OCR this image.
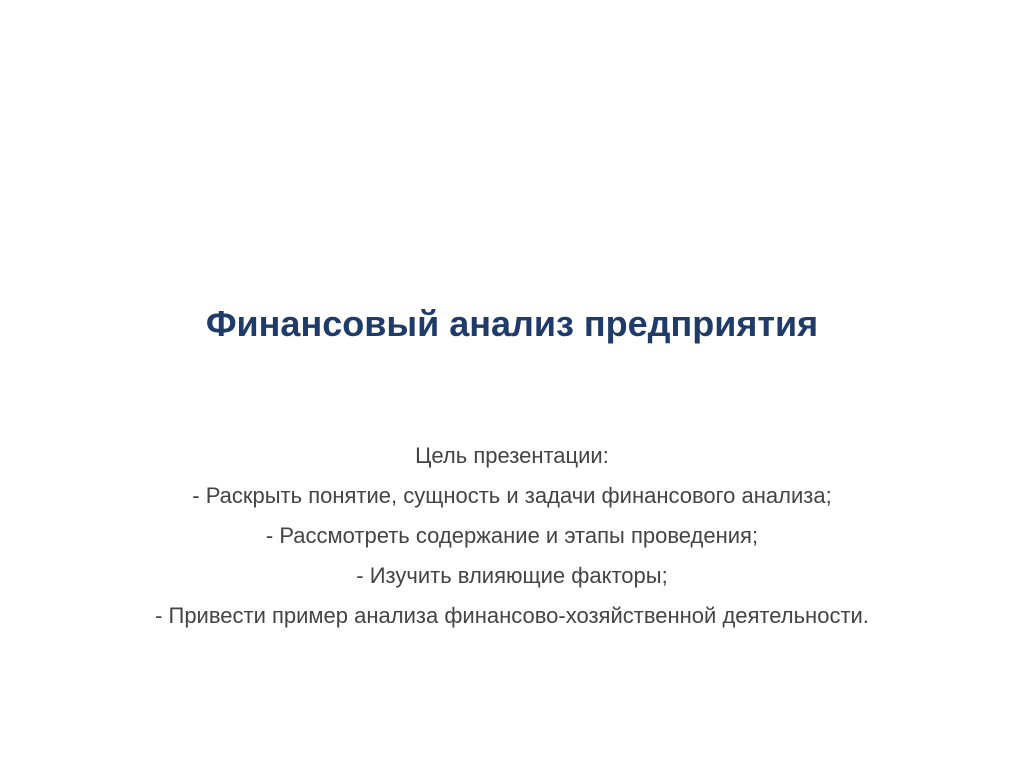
Финансовый анализ предприятия

Цель презентации:

- Раскрыть понятие, сущность и задачи финансового анализа;

- Рассмотреть содержание и этапы проведения;

- Изучить влияющие факторы;

- Привести пример анализа финансово-хозяйственной деятельности.
